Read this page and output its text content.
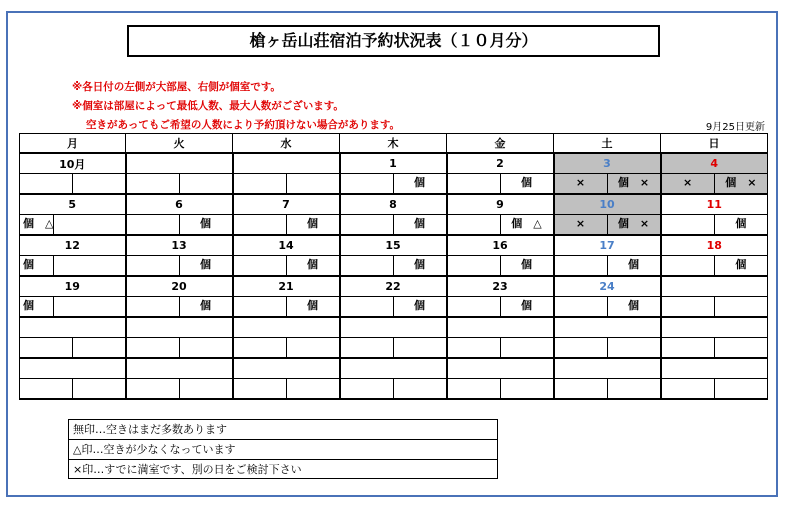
槍ヶ岳山荘宿泊予約状況表（１０月分）
※各日付の左側が大部屋、右側が個室です。
※個室は部屋によって最低人数、最大人数がございます。
空きがあってもご希望の人数により予約頂けない場合があります。	9月25日更新
月	火	水	木	金	土	日
10月			1	2	3	4

			個	個	× 個　×	× 個　×

5	6	7	8	9	10	11

個　△	個	個	個	個　△	× 個　×	個

12	13	14	15	16	17	18

個	個	個	個	個	個	個

19	20	21	22	23	24	

個	個	個	個	個	個	

無印…空きはまだ多数あります
△印…空きが少なくなっています
×印…すでに満室です、別の日をご検討下さい
